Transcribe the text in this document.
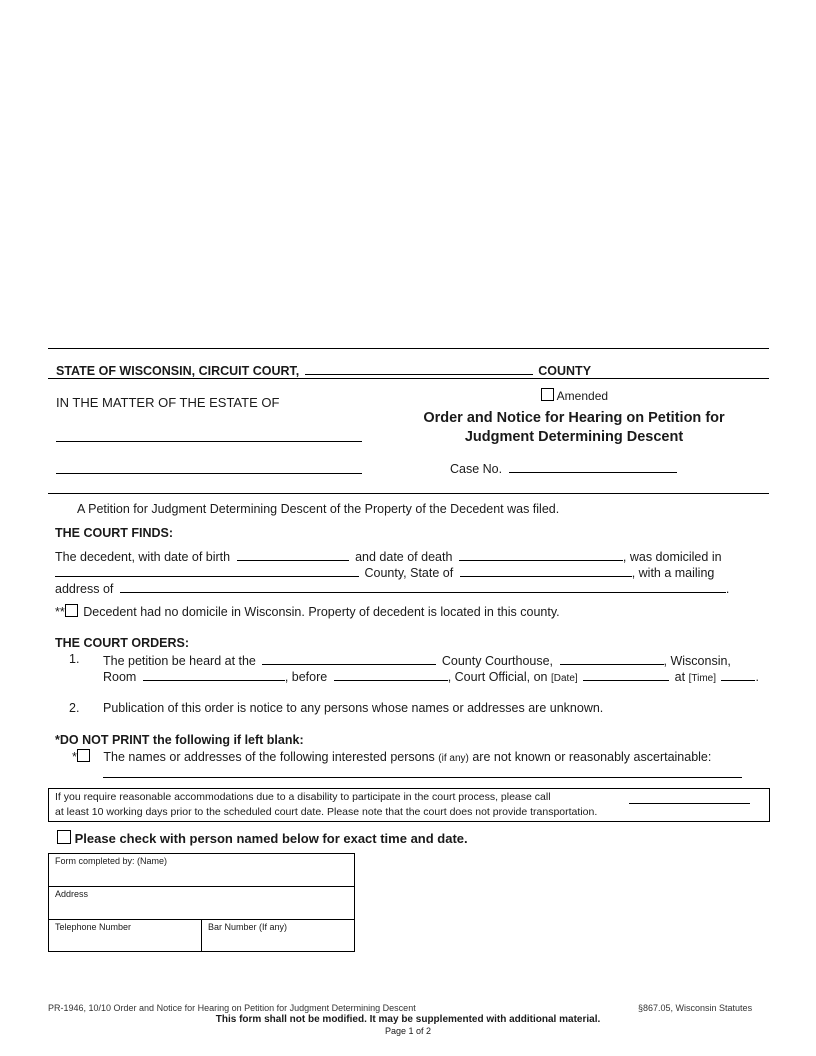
STATE OF WISCONSIN, CIRCUIT COURT,	COUNTY
Amended
IN THE MATTER OF THE ESTATE OF
Order and Notice for Hearing on Petition for
Judgment Determining Descent
Case No.
A Petition for Judgment Determining Descent of the Property of the Decedent was filed.
THE COURT FINDS:
The decedent, with date of birth	and date of death	, was domiciled in
County, State of	, with a mailing
address of	.
** Decedent had no domicile in Wisconsin. Property of decedent is located in this county.
THE COURT ORDERS:
1. The petition be heard at the	County Courthouse,	, Wisconsin,
Room	, before	, Court Official, on [Date]	at [Time]	.
2. Publication of this order is notice to any persons whose names or addresses are unknown.
*DO NOT PRINT the following if left blank:
* The names or addresses of the following interested persons (if any) are not known or reasonably ascertainable:
If you require reasonable accommodations due to a disability to participate in the court process, please call
at least 10 working days prior to the scheduled court date. Please note that the court does not provide transportation.
Please check with person named below for exact time and date.
Form completed by: (Name)
Address
Telephone Number	Bar Number (If any)
PR-1946, 10/10 Order and Notice for Hearing on Petition for Judgment Determining Descent	§867.05, Wisconsin Statutes
This form shall not be modified. It may be supplemented with additional material.
Page 1 of 2
